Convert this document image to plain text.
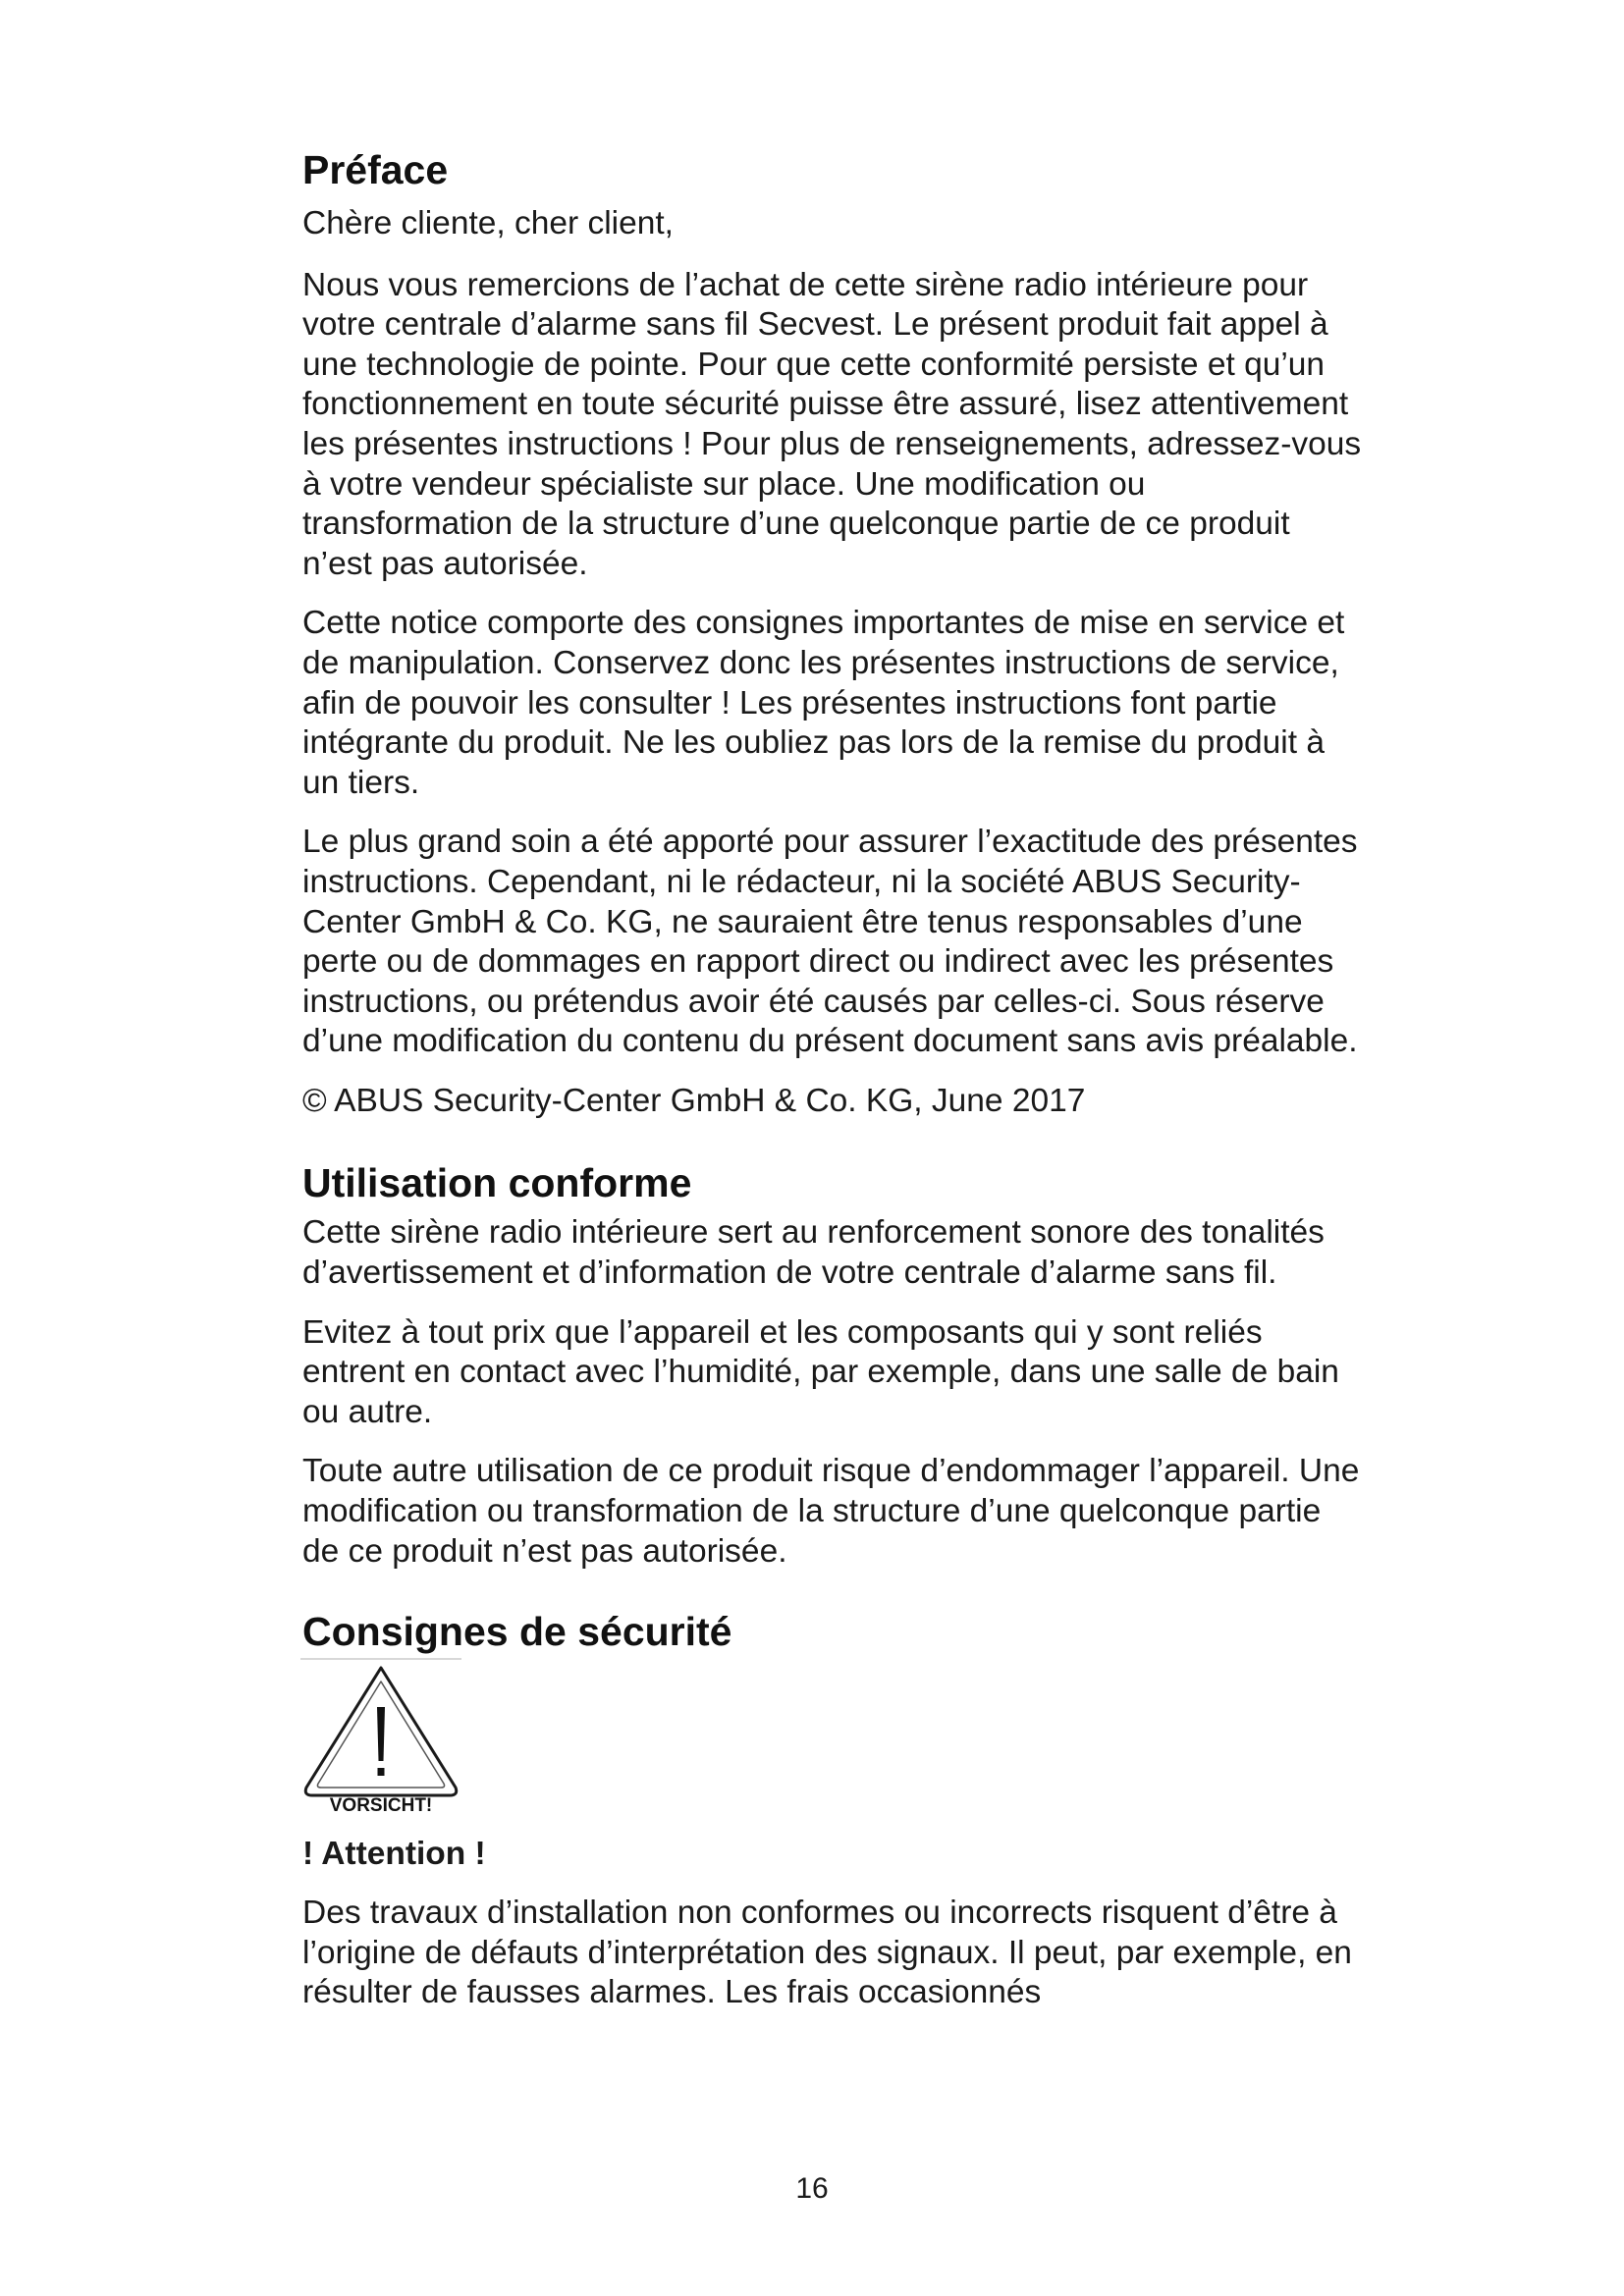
Préface

Chère cliente, cher client,

Nous vous remercions de l’achat de cette sirène radio intérieure pour votre centrale d’alarme sans fil Secvest. Le présent produit fait appel à une technologie de pointe. Pour que cette conformité persiste et qu’un fonctionnement en toute sécurité puisse être assuré, lisez attentivement les présentes instructions ! Pour plus de renseignements, adressez-vous à votre vendeur spécialiste sur place. Une modification ou transformation de la structure d’une quelconque partie de ce produit n’est pas autorisée.

Cette notice comporte des consignes importantes de mise en service et de manipulation. Conservez donc les présentes instructions de service, afin de pouvoir les consulter ! Les présentes instructions font partie intégrante du produit. Ne les oubliez pas lors de la remise du produit à un tiers.

Le plus grand soin a été apporté pour assurer l’exactitude des présentes instructions. Cependant, ni le rédacteur, ni la société ABUS Security-Center GmbH & Co. KG, ne sauraient être tenus responsables d’une perte ou de dommages en rapport direct ou indirect avec les présentes instructions, ou prétendus avoir été causés par celles-ci. Sous réserve d’une modification du contenu du présent document sans avis préalable.

© ABUS Security-Center GmbH & Co. KG, June 2017

Utilisation conforme

Cette sirène radio intérieure sert au renforcement sonore des tonalités d’avertissement et d’information de votre centrale d’alarme sans fil.

Evitez à tout prix que l’appareil et les composants qui y sont reliés entrent en contact avec l’humidité, par exemple, dans une salle de bain ou autre.

Toute autre utilisation de ce produit risque d’endommager l’appareil. Une modification ou transformation de la structure d’une quelconque partie de ce produit n’est pas autorisée.

Consignes de sécurité
VORSICHT!

! Attention !

Des travaux d’installation non conformes ou incorrects risquent d’être à l’origine de défauts d’interprétation des signaux. Il peut, par exemple, en résulter de fausses alarmes. Les frais occasionnés

16
